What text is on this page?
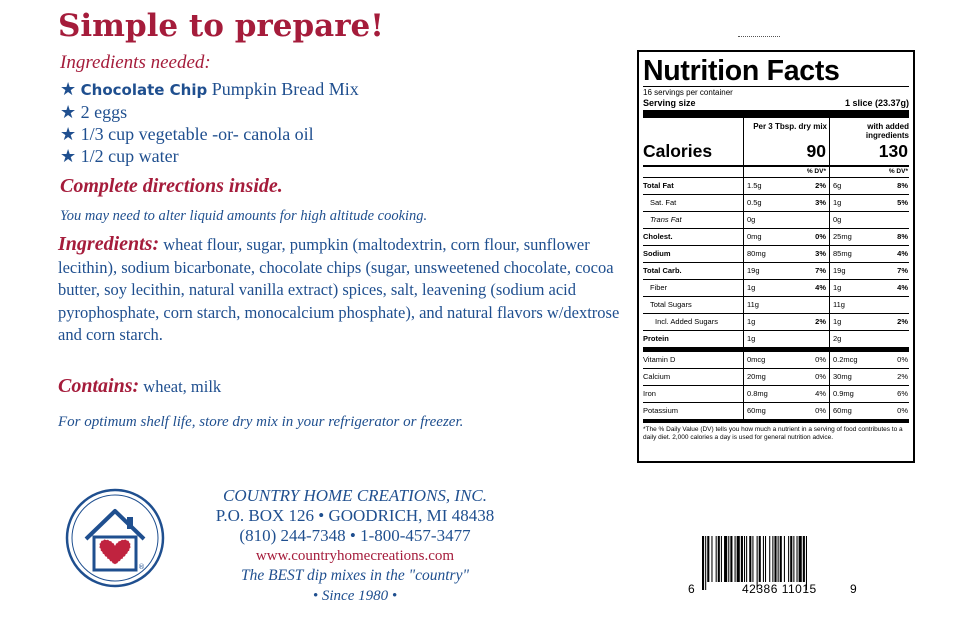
Simple to prepare!
Ingredients needed:
★ Chocolate Chip Pumpkin Bread Mix
★ 2 eggs
★ 1/3 cup vegetable -or- canola oil
★ 1/2 cup water
Complete directions inside.
You may need to alter liquid amounts for high altitude cooking.
Ingredients: wheat flour, sugar, pumpkin (maltodextrin, corn flour, sunflower lecithin), sodium bicarbonate, chocolate chips (sugar, unsweetened chocolate, cocoa butter, soy lecithin, natural vanilla extract) spices, salt, leavening (sodium acid pyrophosphate, corn starch, monocalcium phosphate), and natural flavors w/dextrose and corn starch.
Contains: wheat, milk
For optimum shelf life, store dry mix in your refrigerator or freezer.
®
COUNTRY HOME CREATIONS, INC.
P.O. BOX 126 • GOODRICH, MI 48438
(810) 244-7348 • 1-800-457-3477
www.countryhomecreations.com
The BEST dip mixes in the "country"
• Since 1980 •
Nutrition Facts
16 servings per container
Serving size	1 slice (23.37g)
Calories
Per 3 Tbsp. dry mix
90
with added ingredients
130
% DV*	% DV*
Total Fat	1.5g	2% 6g	8%
Sat. Fat	0.5g	3% 1g	5%
Trans Fat	0g	0g
Cholest.	0mg	0% 25mg	8%
Sodium	80mg	3% 85mg	4%
Total Carb.	19g	7% 19g	7%
Fiber	1g	4% 1g	4%
Total Sugars	11g	11g
Incl. Added Sugars	1g	2% 1g	2%
Protein	1g	2g
Vitamin D	0mcg	0% 0.2mcg	0%
Calcium	20mg	0% 30mg	2%
Iron	0.8mg	4% 0.9mg	6%
Potassium	60mg	0% 60mg	0%
*The % Daily Value (DV) tells you how much a nutrient in a serving of food contributes to a daily diet. 2,000 calories a day is used for general nutrition advice.
6	42386 11015	9
